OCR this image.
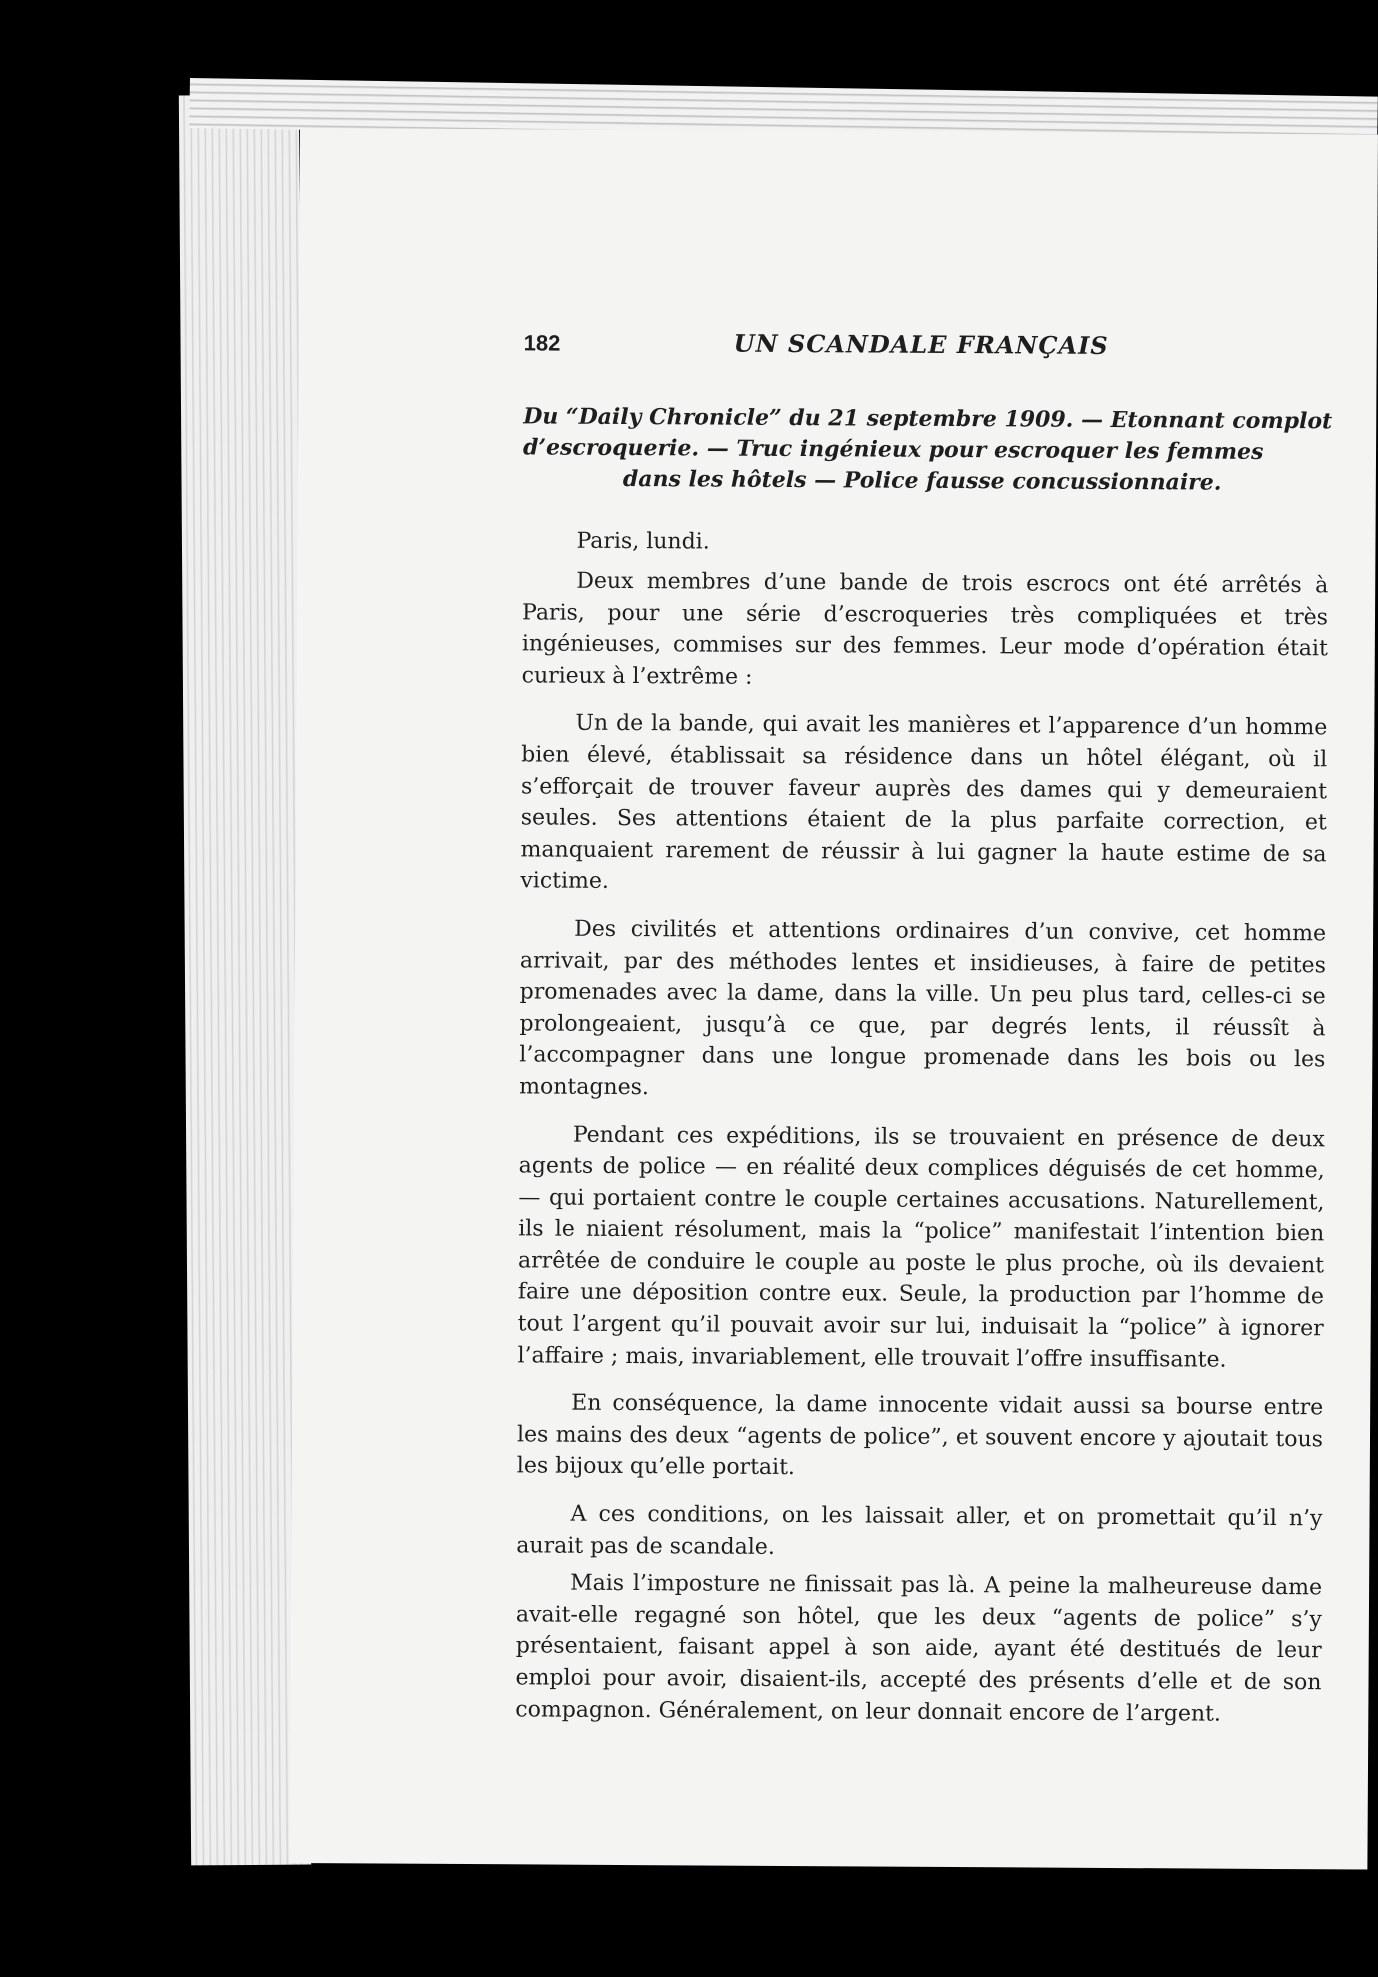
182	UN SCANDALE FRANÇAIS
Du “Daily Chronicle” du 21 septembre 1909. — Etonnant complot
d’escroquerie. — Truc ingénieux pour escroquer les femmes
dans les hôtels — Police fausse concussionnaire.
Paris, lundi.

Deux membres d’une bande de trois escrocs ont été arrêtés à Paris, pour une série d’escroqueries très compliquées et très ingénieuses, commises sur des femmes. Leur mode d’opération était curieux à l’extrême :

Un de la bande, qui avait les manières et l’apparence d’un homme bien élevé, établissait sa résidence dans un hôtel élégant, où il s’efforçait de trouver faveur auprès des dames qui y demeuraient seules. Ses attentions étaient de la plus parfaite correction, et manquaient rarement de réussir à lui gagner la haute estime de sa victime.

Des civilités et attentions ordinaires d’un convive, cet homme arrivait, par des méthodes lentes et insidieuses, à faire de petites promenades avec la dame, dans la ville. Un peu plus tard, celles-ci se prolongeaient, jusqu’à ce que, par degrés lents, il réussît à l’accompagner dans une longue promenade dans les bois ou les montagnes.

Pendant ces expéditions, ils se trouvaient en présence de deux agents de police — en réalité deux complices déguisés de cet homme, — qui portaient contre le couple certaines accusations. Naturellement, ils le niaient résolument, mais la “police” manifestait l’intention bien arrêtée de conduire le couple au poste le plus proche, où ils devaient faire une déposition contre eux. Seule, la production par l’homme de tout l’argent qu’il pouvait avoir sur lui, induisait la “police” à ignorer l’affaire ; mais, invariablement, elle trouvait l’offre insuffisante.

En conséquence, la dame innocente vidait aussi sa bourse entre les mains des deux “agents de police”, et souvent encore y ajoutait tous les bijoux qu’elle portait.

A ces conditions, on les laissait aller, et on promettait qu’il n’y aurait pas de scandale.

Mais l’imposture ne finissait pas là. A peine la malheureuse dame avait-elle regagné son hôtel, que les deux “agents de police” s’y présentaient, faisant appel à son aide, ayant été destitués de leur emploi pour avoir, disaient-ils, accepté des présents d’elle et de son compagnon. Généralement, on leur donnait encore de l’argent.
